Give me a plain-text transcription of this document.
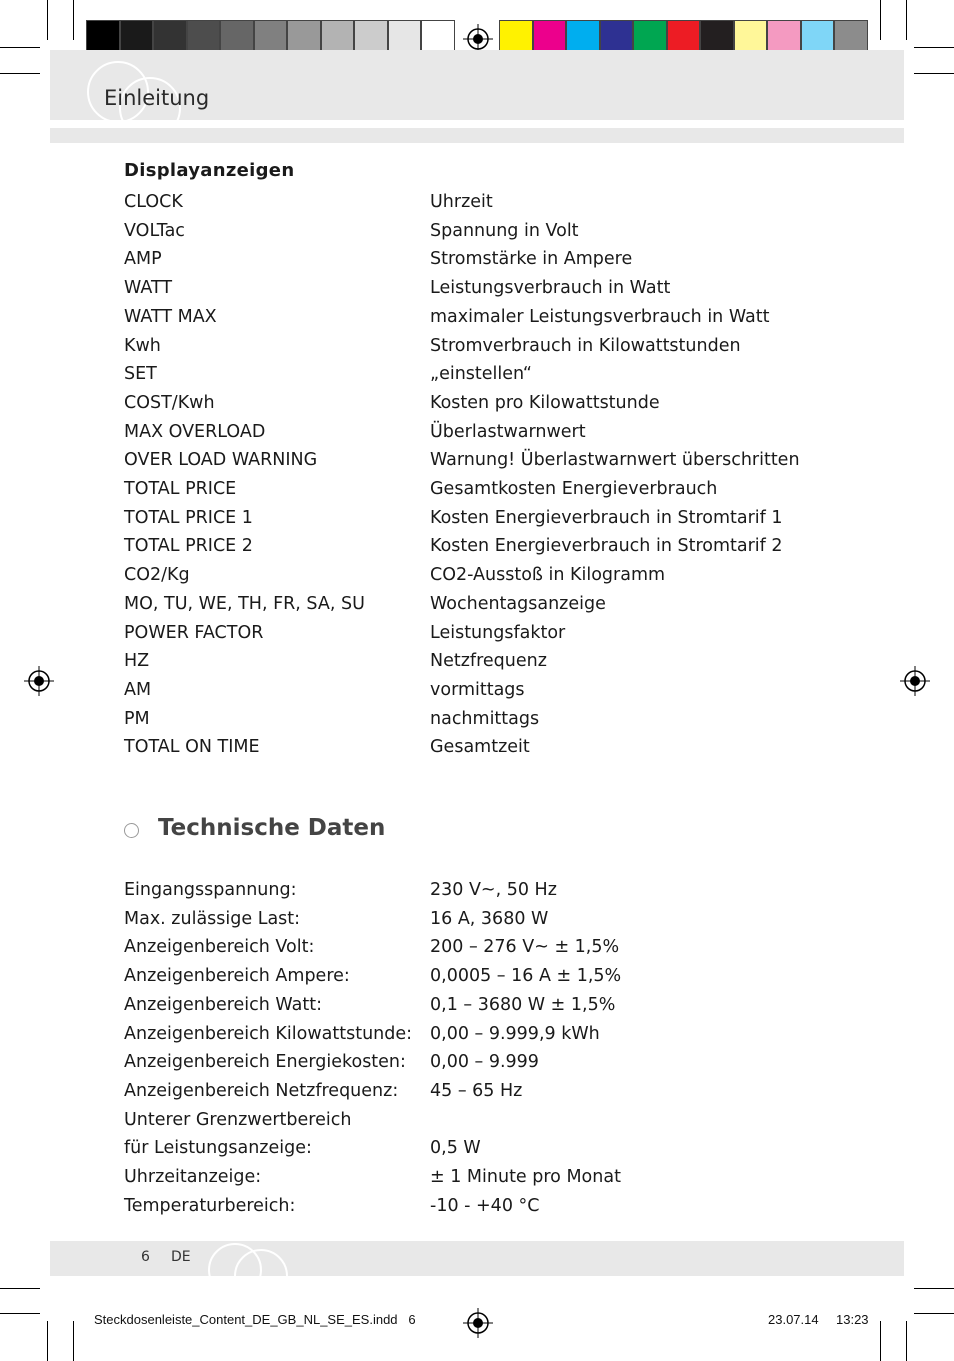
Einleitung
Displayanzeigen
CLOCK	Uhrzeit
VOLTac	Spannung in Volt
AMP	Stromstärke in Ampere
WATT	Leistungsverbrauch in Watt
WATT MAX	maximaler Leistungsverbrauch in Watt
Kwh	Stromverbrauch in Kilowattstunden
SET	„einstellen“
COST/Kwh	Kosten pro Kilowattstunde
MAX OVERLOAD	Überlastwarnwert
OVER LOAD WARNING	Warnung! Überlastwarnwert überschritten
TOTAL PRICE	Gesamtkosten Energieverbrauch
TOTAL PRICE 1	Kosten Energieverbrauch in Stromtarif 1
TOTAL PRICE 2	Kosten Energieverbrauch in Stromtarif 2
CO2/Kg	CO2-Ausstoß in Kilogramm
MO, TU, WE, TH, FR, SA, SU	Wochentagsanzeige
POWER FACTOR	Leistungsfaktor
HZ	Netzfrequenz
AM	vormittags
PM	nachmittags
TOTAL ON TIME	Gesamtzeit
Technische Daten
Eingangsspannung:	230 V~, 50 Hz
Max. zulässige Last:	16 A, 3680 W
Anzeigenbereich Volt:	200 – 276 V~ ± 1,5%
Anzeigenbereich Ampere:	0,0005 – 16 A ± 1,5%
Anzeigenbereich Watt:	0,1 – 3680 W ± 1,5%
Anzeigenbereich Kilowattstunde: 0,00 – 9.999,9 kWh
Anzeigenbereich Energiekosten: 0,00 – 9.999
Anzeigenbereich Netzfrequenz: 45 – 65 Hz
Unterer Grenzwertbereich
für Leistungsanzeige:	0,5 W
Uhrzeitanzeige:	± 1 Minute pro Monat
Temperaturbereich:	-10 - +40 °C
6 DE
Steckdosenleiste_Content_DE_GB_NL_SE_ES.indd   6	23.07.14 13:23
